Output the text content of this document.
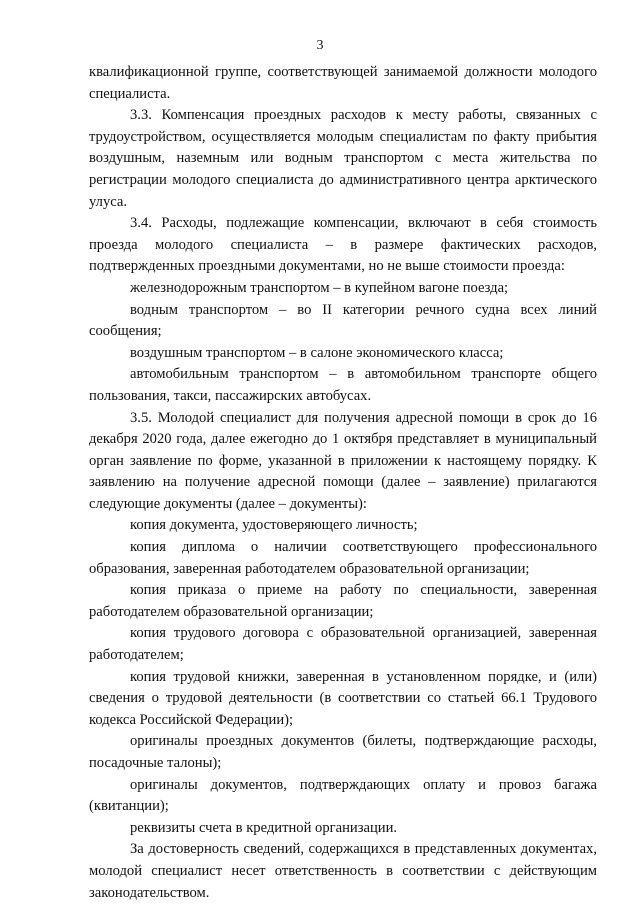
3

квалификационной группе, соответствующей занимаемой должности молодого специалиста.

3.3. Компенсация проездных расходов к месту работы, связанных с трудоустройством, осуществляется молодым специалистам по факту прибытия воздушным, наземным или водным транспортом с места жительства по регистрации молодого специалиста до административного центра арктического улуса.

3.4. Расходы, подлежащие компенсации, включают в себя стоимость проезда молодого специалиста – в размере фактических расходов, подтвержденных проездными документами, но не выше стоимости проезда:

железнодорожным транспортом – в купейном вагоне поезда;

водным транспортом – во II категории речного судна всех линий сообщения;

воздушным транспортом – в салоне экономического класса;

автомобильным транспортом – в автомобильном транспорте общего пользования, такси, пассажирских автобусах.

3.5. Молодой специалист для получения адресной помощи в срок до 16 декабря 2020 года, далее ежегодно до 1 октября представляет в муниципальный орган заявление по форме, указанной в приложении к настоящему порядку. К заявлению на получение адресной помощи (далее – заявление) прилагаются следующие документы (далее – документы):

копия документа, удостоверяющего личность;

копия диплома о наличии соответствующего профессионального образования, заверенная работодателем образовательной организации;

копия приказа о приеме на работу по специальности, заверенная работодателем образовательной организации;

копия трудового договора с образовательной организацией, заверенная работодателем;

копия трудовой книжки, заверенная в установленном порядке, и (или) сведения о трудовой деятельности (в соответствии со статьей 66.1 Трудового кодекса Российской Федерации);

оригиналы проездных документов (билеты, подтверждающие расходы, посадочные талоны);

оригиналы документов, подтверждающих оплату и провоз багажа (квитанции);

реквизиты счета в кредитной организации.

За достоверность сведений, содержащихся в представленных документах, молодой специалист несет ответственность в соответствии с действующим законодательством.
